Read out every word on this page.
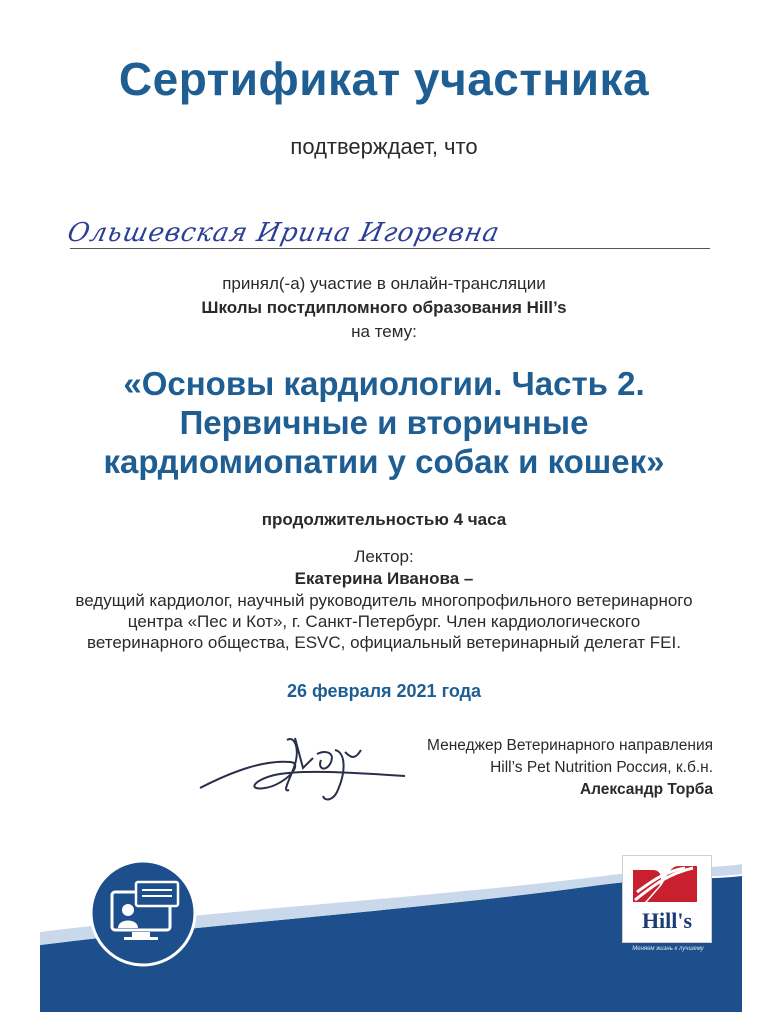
Сертификат участника
подтверждает, что
Ольшевская Ирина Игоревна
принял(-а) участие в онлайн-трансляции
Школы постдипломного образования Hill’s
на тему:
«Основы кардиологии. Часть 2.
Первичные и вторичные
кардиомиопатии у собак и кошек»
продолжительностью 4 часа
Лектор:
Екатерина Иванова –
ведущий кардиолог, научный руководитель многопрофильного ветеринарного
центра «Пес и Кот», г. Санкт-Петербург. Член кардиологического
ветеринарного общества, ESVC, официальный ветеринарный делегат FEI.
26 февраля 2021 года
Менеджер Ветеринарного направления
Hill’s Pet Nutrition Россия, к.б.н.
Александр Торба
Hill's
Меняем жизнь к лучшему
